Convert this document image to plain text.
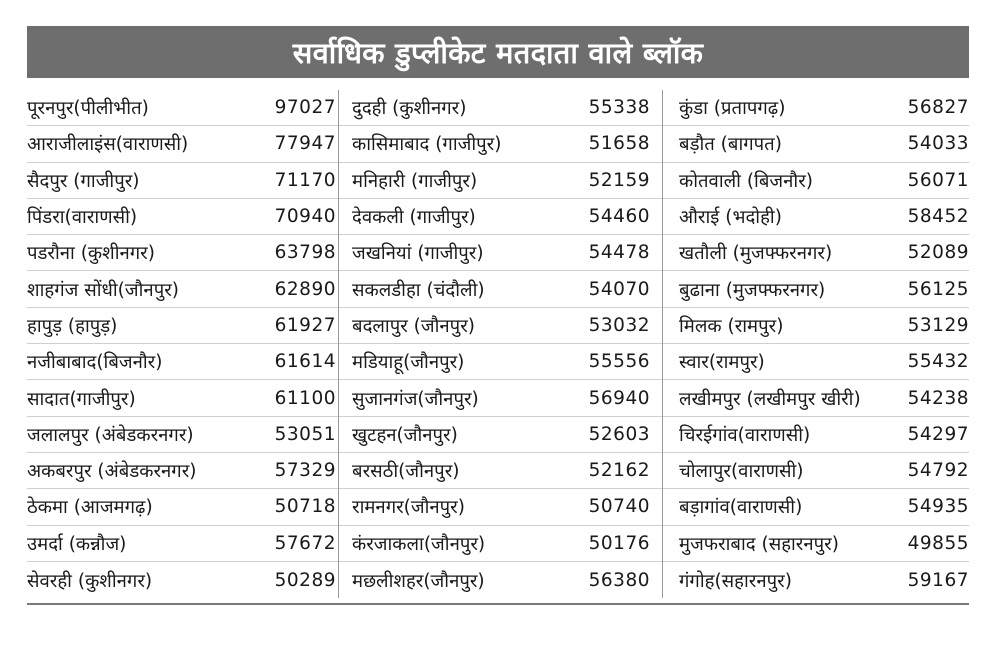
सर्वाधिक डुप्लीकेट मतदाता वाले ब्लॉक
पूरनपुर(पीलीभीत)	97027
आराजीलाइंस(वाराणसी)	77947
सैदपुर (गाजीपुर)	71170
पिंडरा(वाराणसी)	70940
पडरौना (कुशीनगर)	63798
शाहगंज सोंधी(जौनपुर)	62890
हापुड़ (हापुड़)	61927
नजीबाबाद(बिजनौर)	61614
सादात(गाजीपुर)	61100
जलालपुर (अंबेडकरनगर)	53051
अकबरपुर (अंबेडकरनगर)	57329
ठेकमा (आजमगढ़)	50718
उमर्दा (कन्नौज)	57672
सेवरही (कुशीनगर)	50289
दुदही (कुशीनगर)	55338
कासिमाबाद (गाजीपुर)	51658
मनिहारी (गाजीपुर)	52159
देवकली (गाजीपुर)	54460
जखनियां (गाजीपुर)	54478
सकलडीहा (चंदौली)	54070
बदलापुर (जौनपुर)	53032
मडियाहू(जौनपुर)	55556
सुजानगंज(जौनपुर)	56940
खुटहन(जौनपुर)	52603
बरसठी(जौनपुर)	52162
रामनगर(जौनपुर)	50740
कंरजाकला(जौनपुर)	50176
मछलीशहर(जौनपुर)	56380
कुंडा (प्रतापगढ़)	56827
बड़ौत (बागपत)	54033
कोतवाली (बिजनौर)	56071
औराई (भदोही)	58452
खतौली (मुजफ्फरनगर)	52089
बुढाना (मुजफ्फरनगर)	56125
मिलक (रामपुर)	53129
स्वार(रामपुर)	55432
लखीमपुर (लखीमपुर खीरी)	54238
चिरईगांव(वाराणसी)	54297
चोलापुर(वाराणसी)	54792
बड़ागांव(वाराणसी)	54935
मुजफराबाद (सहारनपुर)	49855
गंगोह(सहारनपुर)	59167
